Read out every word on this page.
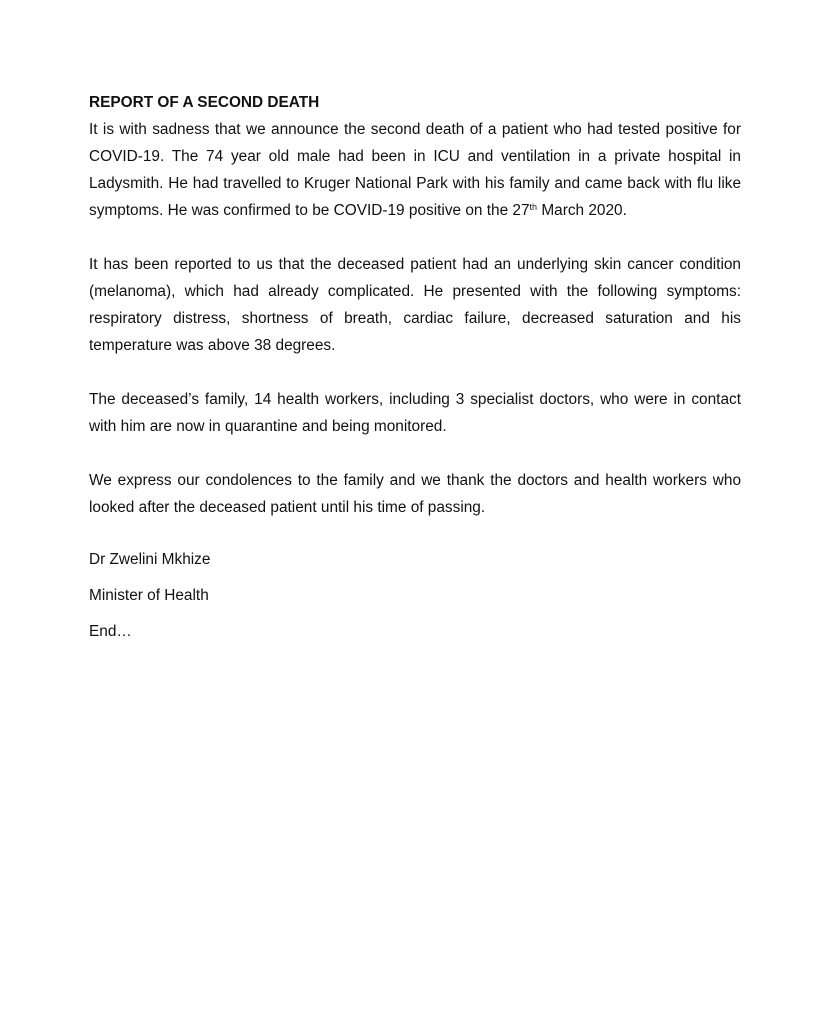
REPORT OF A SECOND DEATH

It is with sadness that we announce the second death of a patient who had tested positive for COVID-19. The 74 year old male had been in ICU and ventilation in a private hospital in Ladysmith. He had travelled to Kruger National Park with his family and came back with flu like symptoms. He was confirmed to be COVID-19 positive on the 27th March 2020.

It has been reported to us that the deceased patient had an underlying skin cancer condition (melanoma), which had already complicated. He presented with the following symptoms: respiratory distress, shortness of breath, cardiac failure, decreased saturation and his temperature was above 38 degrees.

The deceased’s family, 14 health workers, including 3 specialist doctors, who were in contact with him are now in quarantine and being monitored.

We express our condolences to the family and we thank the doctors and health workers who looked after the deceased patient until his time of passing.

Dr Zwelini Mkhize

Minister of Health

End…
